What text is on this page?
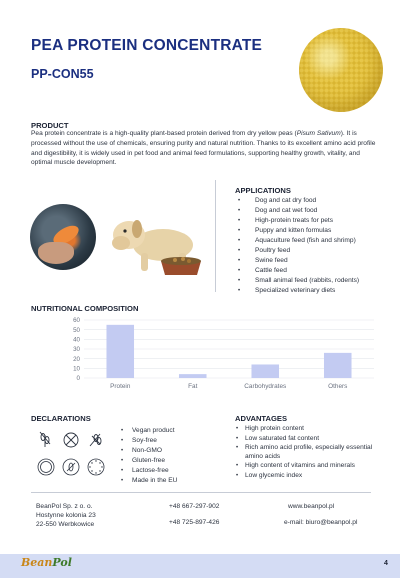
PEA PROTEIN CONCENTRATE
PP-CON55
PRODUCT

Pea protein concentrate is a high-quality plant-based protein derived from dry yellow peas (Pisum Sativum). It is processed without the use of chemicals, ensuring purity and natural nutrition. Thanks to its excellent amino acid profile and digestibility, it is widely used in pet food and animal feed formulations, supporting healthy growth, vitality, and optimal muscle development.

APPLICATIONS
• Dog and cat dry food
• Dog and cat wet food
• High-protein treats for pets
• Puppy and kitten formulas
• Aquaculture feed (fish and shrimp)
• Poultry feed
• Swine feed
• Cattle feed
• Small animal feed (rabbits, rodents)
• Specialized veterinary diets
NUTRITIONAL COMPOSITION
0
10
20
30
40
50
60
Protein	Fat	Carbohydrates	Others
DECLARATIONS
• Vegan product
• Soy-free
• Non-GMO
• Gluten-free
• Lactose-free
• Made in the EU
ADVANTAGES
• High protein content
• Low saturated fat content
• Rich amino acid profile, especially essential amino acids
• High content of vitamins and minerals
• Low glycemic index
BeanPol Sp. z o. o.
Hostynne kolonia 23
22-550 Werbkowice
+48 667-297-902
+48 725-897-426
www.beanpol.pl
e-mail: biuro@beanpol.pl
BeanPol	4
